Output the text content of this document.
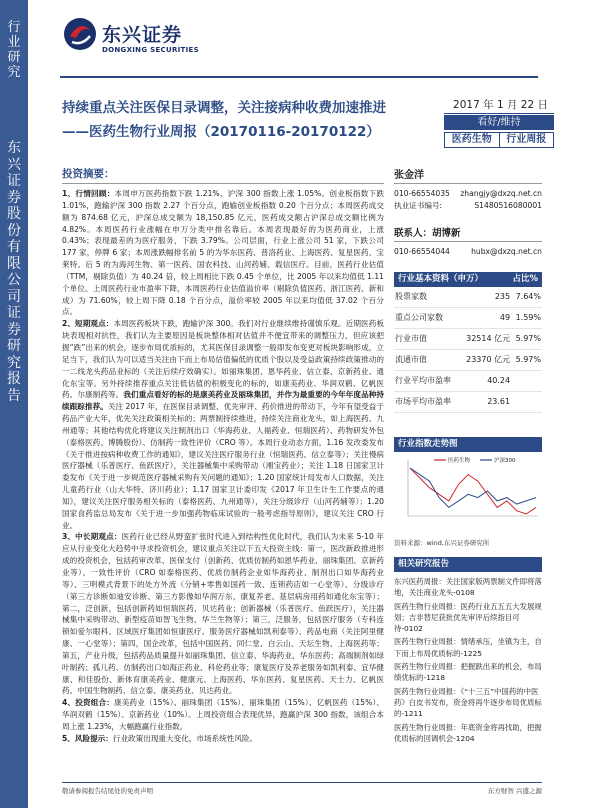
行业研究
东兴证券股份有限公司证券研究报告
东兴证券
DONGXING SECURITIES
持续重点关注医保目录调整，关注接病种收费加速推进——医药生物行业周报（20170116-20170122）
2017 年 1 月 22 日
看好/维持
医药生物	行业周报
投资摘要：

1、行情回顾：本周申万医药指数下跌 1.21%、沪深 300 指数上涨 1.05%。创业板指数下跌 1.01%，跑输沪深 300 指数 2.27 个百分点，跑输创业板指数 0.20 个百分点；本周医药成交额为 874.68 亿元，沪深总成交额为 18,150.85 亿元，医药成交额占沪深总成交额比例为 4.82%。本周医药行业涨幅在申万分类中排名靠后。本周表现最好的为医药商业，上涨 0.43%；表现最差的为医疗服务，下跌 3.79%。公司层面，行业上涨公司 51 家，下跌公司 177 家，停牌 6 家；本周涨跌幅排名前 5 的为华东医药、普洛药业、上海医药、复星医药、宝莱特。后 5 的为海河生物、第一医药、国农科技、山河药辅、载信医疗。目前，医药行业估值（TTM，剔除负值）为 40.24 倍，较上周相比下跌 0.45 个单位，比 2005 年以来均值低 1.11 个单位。上周医药行业市盈率下降，本周医药行业估值溢价率（剔除负值医药、浙江医药、新和成）为 71.60%，较上周下降 0.18 个百分点，溢价率较 2005 年以来均值低 37.02 个百分点。

2、短期观点：本周医药板块下跌，跑输沪深 300。我们对行业继续维持谨慎乐观。近期医药板块表现相对抗性，我们认为主要原因是板块整体相对估值并不便宜带来的调整压力，但应该把握“跌”出来的机会，逐步布局优质标的，尤其医保目录调整一般即发布变更对板块影响形成，立足当下，我们认为可以适当关注由下而上布局估值偏低的优质个股以及受益政策持续政策推动的一二线龙头药品业标的（关注后续疗效确实）。如丽珠集团、恩华药业、信立泰、京新药业、通化东宝等。另外持续推荐重点关注低估值的积极变化的标的，如康美药业、华润双鹤、亿帆医药、尔康制药等。我们重点看好的标的是康美药业及丽珠集团，并作为最重要的今年年度品种持续跟踪推荐。关注 2017 年，在医保目录调整、优先审评、药价推进的带动下，今年有望受益于药品产业大年，优先关注政策相关标的；两票制持续推进，持续关注商业龙头，如上海医药、九州通等；其他结构优化将建议关注制剂出口（华海药业、人福药业、恒瑞医药）、药物研发外包（泰格医药、博腾股份）、仿制药一致性评价（CRO 等）。本周行业动态方面，1.16 发改委发布《关于推进按病种收费工作的通知》，建议关注医疗服务行业（恒瑞医药、信立泰等）；关注慢病医疗器械（乐普医疗、鱼跃医疗），关注器械集中采购带动（湘宝药业）；关注 1.18 日国家卫计委发布《关于进一步规范医疗器械采购有关问题的通知》；1.20 国家统计局发布人口数据，关注儿童药行业（山大华特、济川药业）；1.17 国家卫计委印发《2017 年卫生计生工作要点的通知》，建议关注医疗服务相关标的（泰格医药、九州通等），关注分级诊疗（山河药辅等）；1.20 国家食药监总局发布《关于进一步加强药物临床试验的一般考虑指导原则》，建议关注 CRO 行业。

3、中长期观点：医药行业已经从野蛮扩张时代进入到结构性优化时代，我们认为未来 5-10 年应从行业变化大趋势中寻求投资机会，建议重点关注以下五大投资主线：第一，医改新政推进形成的投资机会，包括药审改革、医保支付（创新药、优质仿制药如恩华药业、丽珠集团、京新药业等）、一致性评价（CRO 如泰格医药、优质仿制药企业如华海药业、制剂出口如华海药业等）、三明模式背景下的处方外流（分销+零售如国药一致、连锁药店如一心堂等）、分级诊疗（第三方诊断如迪安诊断、第三方影像如华润万东、康复养老、基层病房用药如通化东宝等）；第二，泛创新，包括创新药如恒瑞医药、贝达药业；创新器械（乐普医疗、鱼跃医疗），关注器械集中采购带动、新型疫苗如智飞生物、华兰生物等）；第三，泛服务，包括医疗服务（专科连锁如爱尔眼科、区域医疗集团如恒康医疗、服务医疗器械如凯利泰等）、药品电商（关注阿里健康、一心堂等）；第四，国企改革，包括中国医药、同仁堂、白云山、天坛生物、上海医药等；第五，产业升级，包括药品质量提升如丽珠集团、信立泰、华海药业、华东医药；高端制剂如绿叶制药；孤儿药、仿制药出口如海正药业、科伦药业等；康复医疗及养老服务如凯利泰、宜华健康、和佳股份、新体育康美药业、健康元、上海医药、华东医药、复星医药、天士力、亿帆医药、中国生物制药、信立泰、康美药业、贝达药业。

4、投资组合：康美药业（15%）、丽珠集团（15%）、丽珠集团（15%）、亿帆医药（15%）、华润双鹤（15%）、京新药业（10%）。上周投资组合表现优异，跑赢沪深 300 指数，该组合本周上涨 1.23%，大幅跑赢行业指数。

5、风险提示：行业政策出现重大变化，市场系统性风险。

张金洋
010-66554035 zhangjy@dxzq.net.cn
执业证书编号:	S1480516080001
联系人：胡博新
010-66554044	hubx@dxzq.net.cn
行业基本资料（申万）	占比%
股票家数	235	7.64%
重点公司家数	49	1.59%
行业市值	32514 亿元	5.97%
流通市值	23370 亿元	5.97%
行业平均市盈率	40.24	
市场平均市盈率	23.61	
行业指数走势图
医药生物	沪深300
资料来源：wind,东兴证券研究所
相关研究报告
东兴医药周报：关注国家版两票制文件即将落地，关注商业龙头-0108
医药生物行业周报：医药行业五五五大发展规划；吉非替尼获批优先审评后续指目可待-0102
医药生物行业周报：情绪承压，坐镇为主，自下而上布局优质标的-1225
医药生物行业周报：把握跌出来的机会，布局绩优标的-1218
医药生物行业周报：《“十三五”中国药的中医药》白皮书发布，资金将再牛逐步布局优质标的-1211
医药生物行业周报：年底资金将再找助，把握优质标的回调机会-1204
敬请参阅报告结尾处的免责声明	东方财智 兴盛之源
